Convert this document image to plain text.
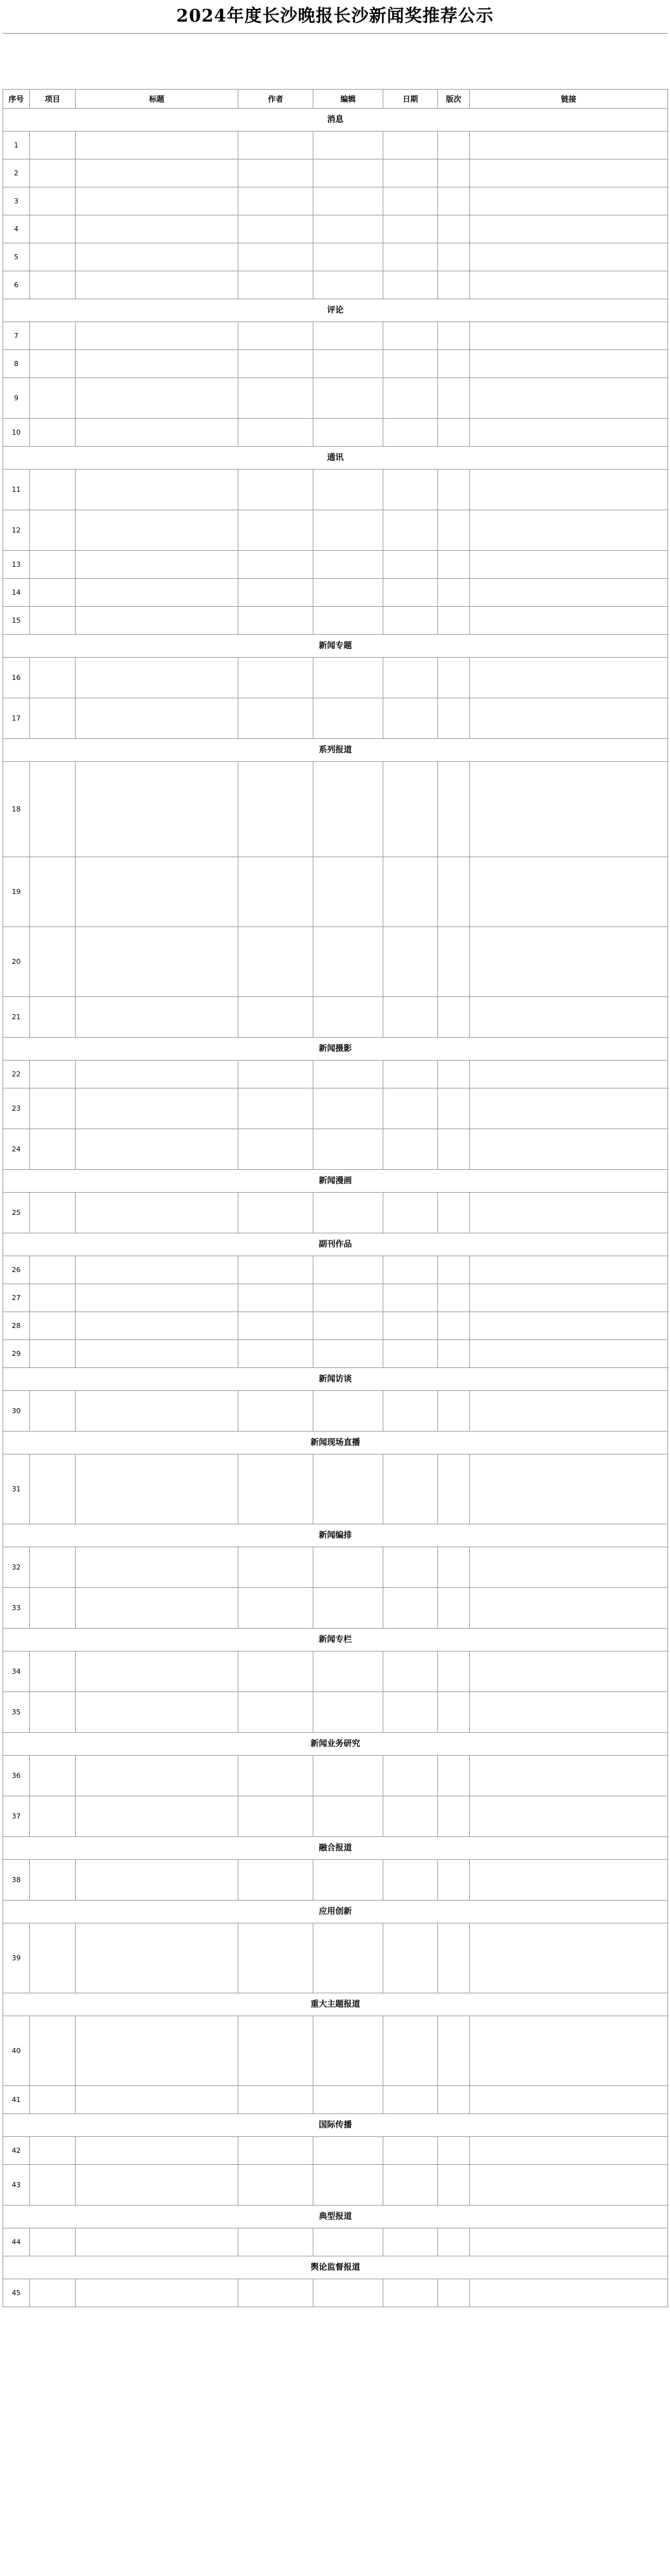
2024年度长沙晚报长沙新闻奖推荐公示
序号	项目	标题	作者	编辑	日期	版次	链接
消息							
1							
2							
3							
4							
5							
6							
评论							
7							
8							
9							
10							
通讯							
11							
12							
13							
14							
15							
新闻专题							
16							
17							
系列报道							
18							
19							
20							
21							
新闻摄影							
22							
23							
24							
新闻漫画							
25							
副刊作品							
26							
27							
28							
29							
新闻访谈							
30							
新闻现场直播							
31							
新闻编排							
32							
33							
新闻专栏							
34							
35							
新闻业务研究							
36							
37							
融合报道							
38							
应用创新							
39							
重大主题报道							
40							
41							
国际传播							
42							
43							
典型报道							
44							
舆论监督报道							
45							
